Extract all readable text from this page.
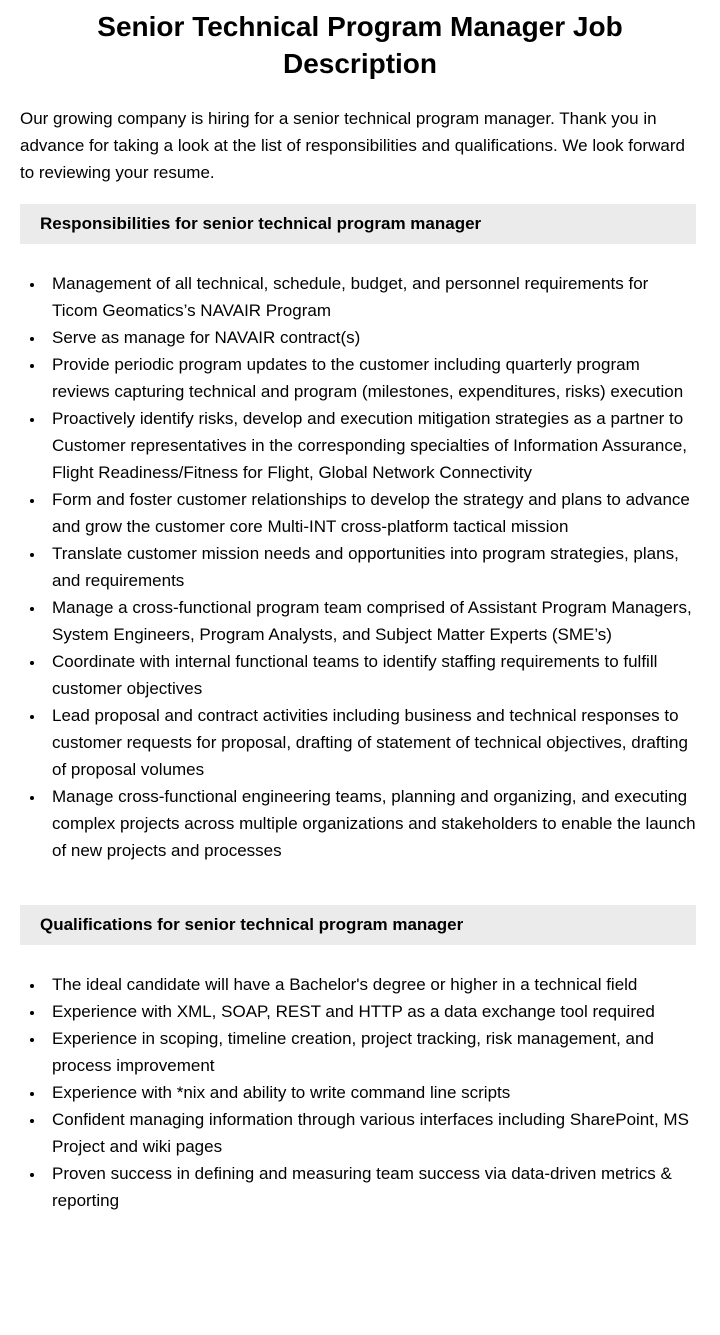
Senior Technical Program Manager Job Description

Our growing company is hiring for a senior technical program manager. Thank you in advance for taking a look at the list of responsibilities and qualifications. We look forward to reviewing your resume.

Responsibilities for senior technical program manager
• Management of all technical, schedule, budget, and personnel requirements for Ticom Geomatics’s NAVAIR Program
• Serve as manage for NAVAIR contract(s)
• Provide periodic program updates to the customer including quarterly program reviews capturing technical and program (milestones, expenditures, risks) execution
• Proactively identify risks, develop and execution mitigation strategies as a partner to Customer representatives in the corresponding specialties of Information Assurance, Flight Readiness/Fitness for Flight, Global Network Connectivity
• Form and foster customer relationships to develop the strategy and plans to advance and grow the customer core Multi-INT cross-platform tactical mission
• Translate customer mission needs and opportunities into program strategies, plans, and requirements
• Manage a cross-functional program team comprised of Assistant Program Managers, System Engineers, Program Analysts, and Subject Matter Experts (SME’s)
• Coordinate with internal functional teams to identify staffing requirements to fulfill customer objectives
• Lead proposal and contract activities including business and technical responses to customer requests for proposal, drafting of statement of technical objectives, drafting of proposal volumes
• Manage cross-functional engineering teams, planning and organizing, and executing complex projects across multiple organizations and stakeholders to enable the launch of new projects and processes
Qualifications for senior technical program manager
• The ideal candidate will have a Bachelor's degree or higher in a technical field
• Experience with XML, SOAP, REST and HTTP as a data exchange tool required
• Experience in scoping, timeline creation, project tracking, risk management, and process improvement
• Experience with *nix and ability to write command line scripts
• Confident managing information through various interfaces including SharePoint, MS Project and wiki pages
• Proven success in defining and measuring team success via data-driven metrics & reporting
